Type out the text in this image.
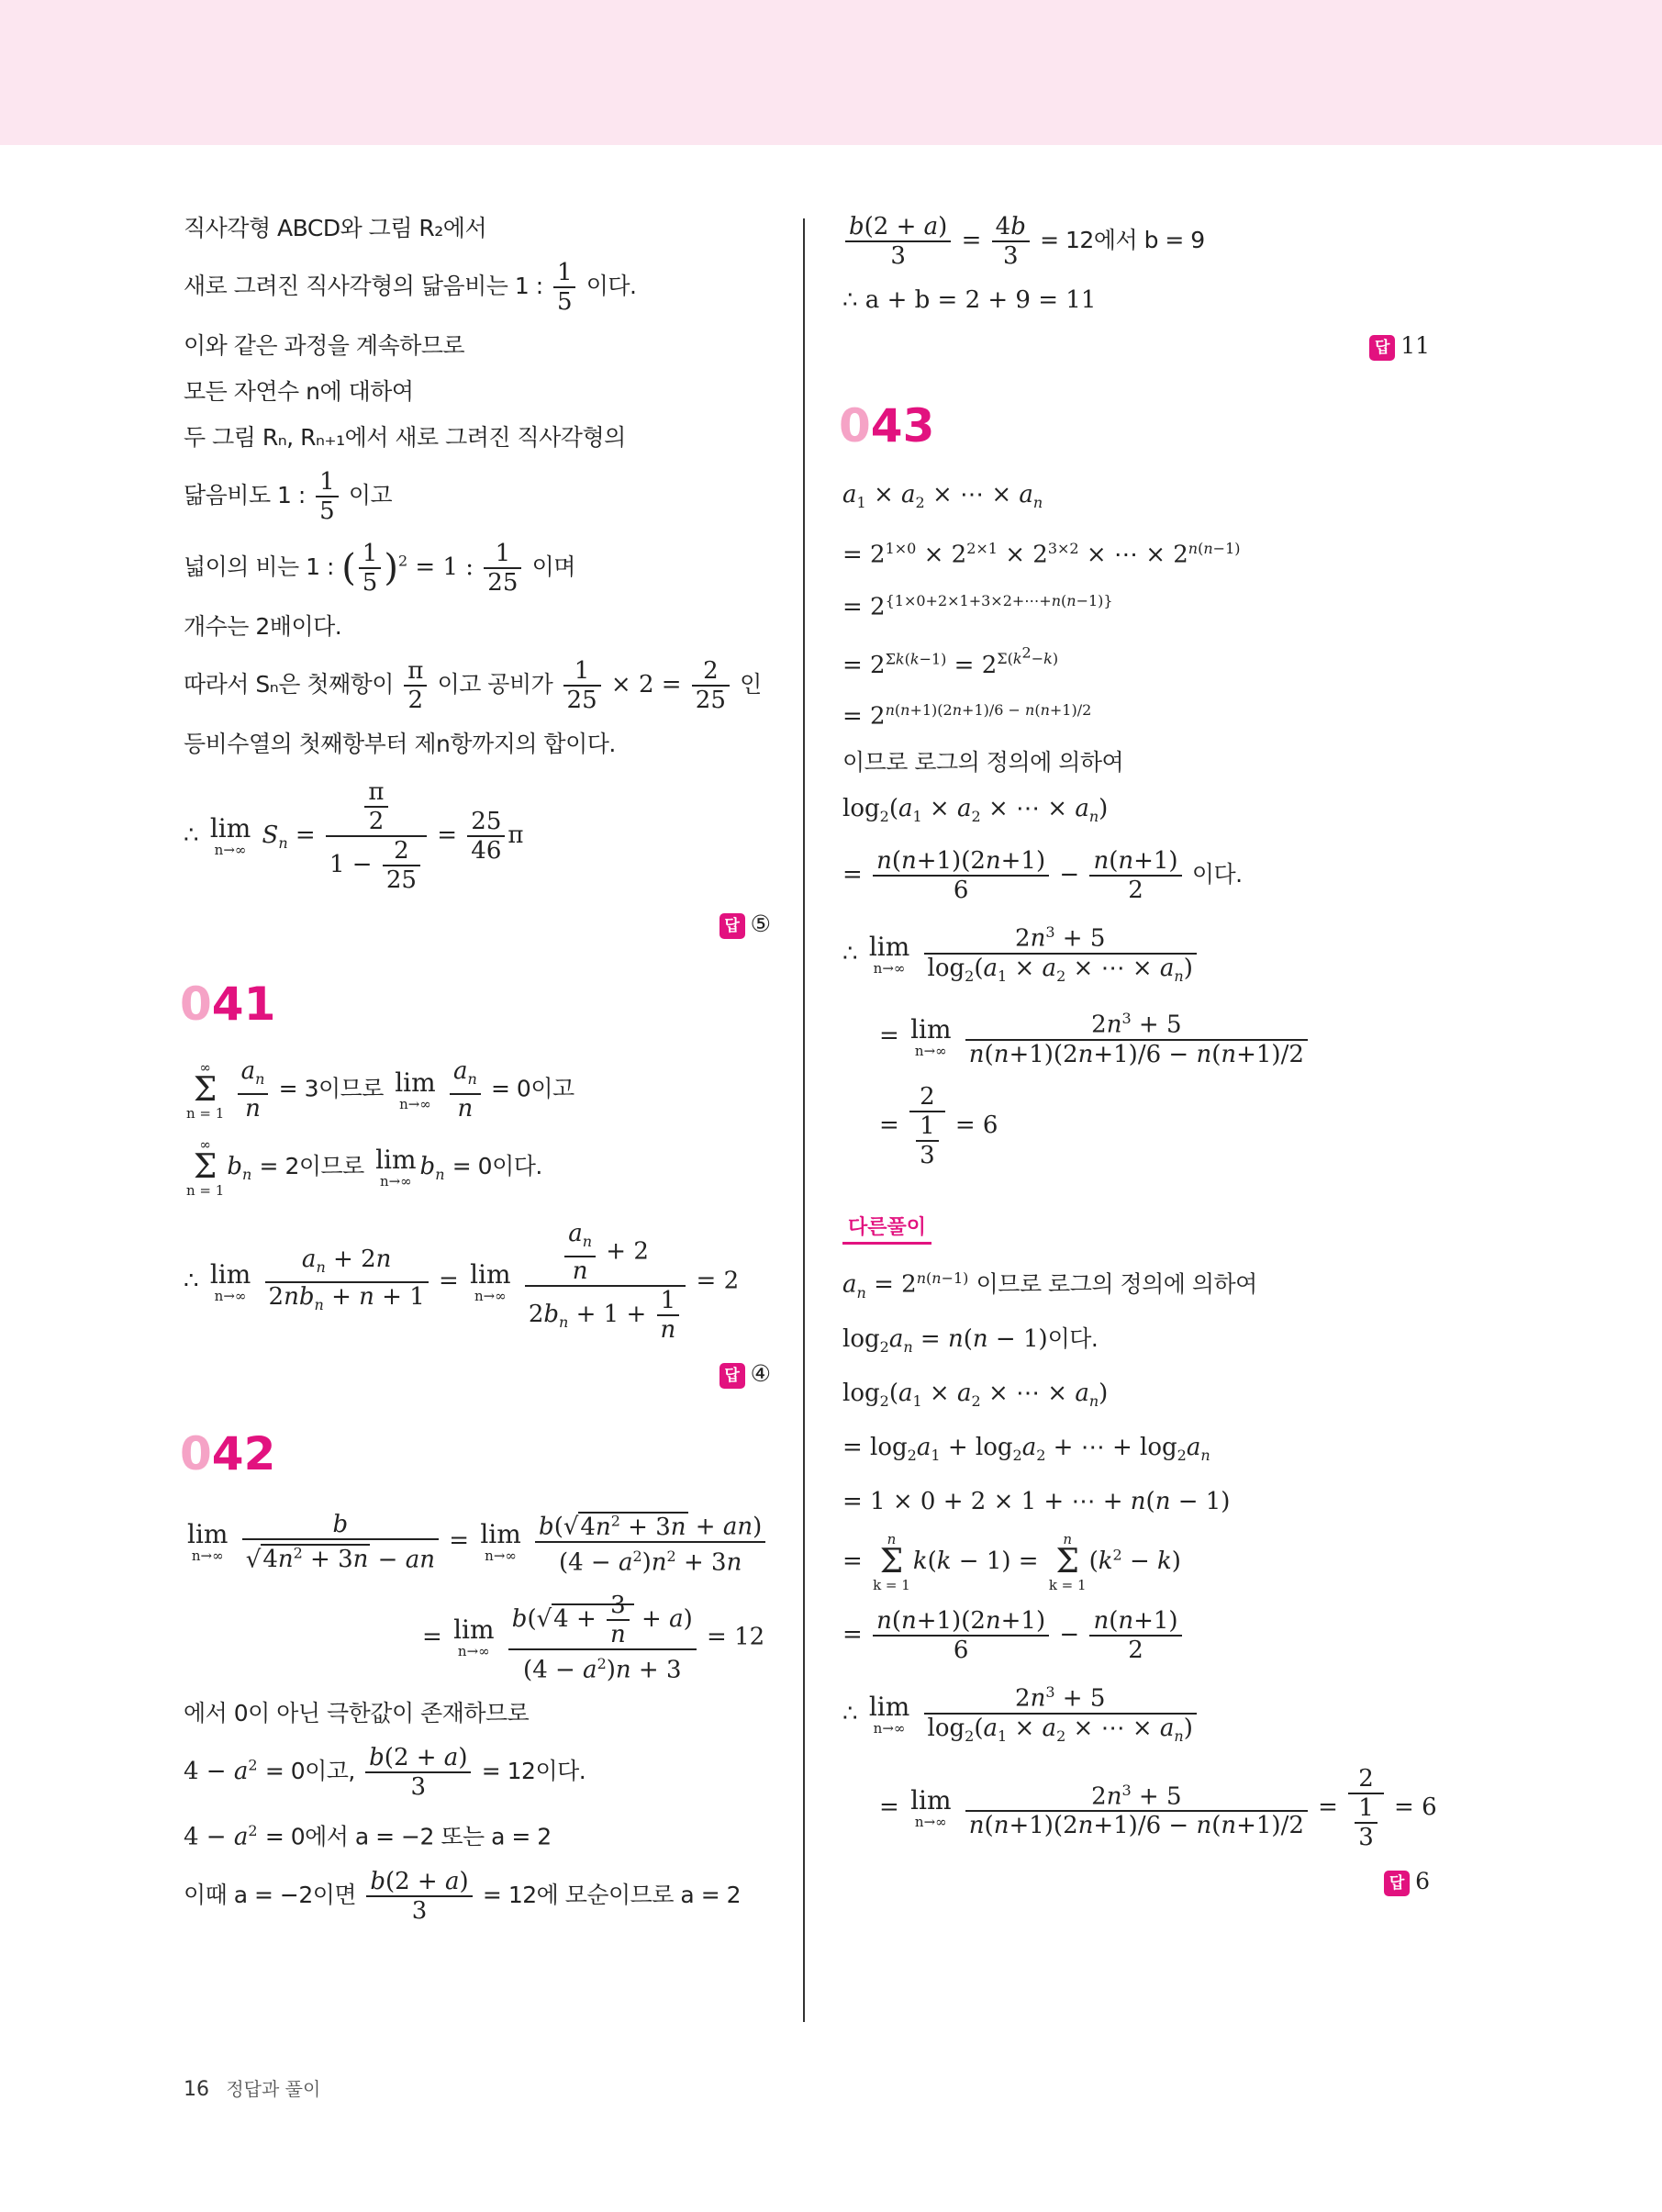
직사각형 ABCD와 그림 R₂에서
새로 그려진 직사각형의 닮음비는 1 : $\frac{1}{5}$ 이다.
이와 같은 과정을 계속하므로
모든 자연수 n에 대하여
두 그림 Rₙ, Rₙ₊₁에서 새로 그려진 직사각형의
닮음비도 1 : $\frac{1}{5}$ 이고
넓이의 비는 1 : ( $\frac{1}{5} )^2 = 1$ : $\frac{1}{25}$ 이며
개수는 2배이다.
따라서 Sₙ은 첫째항이 $\frac{\pi}{2}$ 이고 공비가 $\frac{1}{25} \times 2 = \frac{2}{25}$ 인
등비수열의 첫째항부터 제n항까지의 합이다.
∴ lim
n→∞
$S_n = \frac{\frac{\pi}{2}}{1 - \frac{2}{25}} = \frac{25}{46}$ π
답 ⑤
041
∞
Σ
n = 1
$\frac{a_n}{n} = 3$이므로 lim
n→∞
$\frac{a_n}{n} = 0$이고
∞
Σ
n = 1
$b_n = 2$이므로 lim
n→∞
$b_n = 0$이다.
∴ lim
n→∞
$\frac{a_n + 2n}{2nb_n + n + 1} = \lim$
n→∞
$\frac{\frac{a_n}{n} + 2}{2b_n + 1 + \frac{1}{n}} = 2$
답 ④
042
lim
n→∞
$\frac{b}{√4n^2 + 3n - an} = \lim$
n→∞
$\frac{b(√4n^2 + 3n + an)}{(4 - a^2)n^2 + 3n}$
= lim
n→∞
$\frac{b(√4 + \frac{3}{n} + a)}{(4 - a^2)n + 3} = 12$
에서 0이 아닌 극한값이 존재하므로
$4 - a^2 = 0$이고, $\frac{b(2 + a)}{3} = 12$이다.
$4 - a^2 = 0$에서 a = −2 또는 a = 2
이때 a = −2이면 $\frac{b(2 + a)}{3} = 12$에 모순이므로 a = 2
$\frac{b(2 + a)}{3} = \frac{4b}{3} = 12$에서 b = 9
∴ a + b = 2 + 9 = 11
답 11
043
$a_1 \times a_2$ × ⋯ × $a_n$
= $2^{1\times 0} \times 2^{2\times 1} \times 2^{3\times 2}$ × ⋯ × $2^{n(n-1)}$
= $2^{\{1\times 0+2\times 1+3\times 2+\cdots+n(n-1)\}}$
= $2^{\Sigma k(k-1)} = 2^{\Sigma(k^2-k)}$
= $2^{n(n+1)(2n+1)/6 - n(n+1)/2}$
이므로 로그의 정의에 의하여
$\log_2(a_1 \times a_2$ × ⋯ × $a_n$)
= $\frac{n(n+1)(2n+1)}{6} - \frac{n(n+1)}{2}$ 이다.
∴ lim
n→∞
$\frac{2n^3 + 5}{\log_2(a_1 \times a_2 \times \cdots \times a_n)}$
= lim
n→∞
$\frac{2n^3 + 5}{n(n+1)(2n+1)/6 - n(n+1)/2}$
= $\frac{2}{\frac{1}{3}} = 6$
다른풀이
$a_n = 2^{n(n-1)}$ 이므로 로그의 정의에 의하여
$\log_2a_n = n(n - 1)$이다.
$\log_2(a_1 \times a_2$ × ⋯ × $a_n$)
= $\log_2a_1 + \log_2a_2$ + ⋯ + $\log_2a_n$
= 1 × 0 + 2 × 1 + ⋯ + n(n − 1)
=
n
Σ
k = 1
k(k − 1) =
n
Σ
k = 1
$(k^2 - k)$
= $\frac{n(n+1)(2n+1)}{6} - \frac{n(n+1)}{2}$
∴ lim
n→∞
$\frac{2n^3 + 5}{\log_2(a_1 \times a_2 \times \cdots \times a_n)}$
= lim
n→∞
$\frac{2n^3 + 5}{n(n+1)(2n+1)/6 - n(n+1)/2} = \frac{2}{\frac{1}{3}} = 6$
답 6
16 정답과 풀이
